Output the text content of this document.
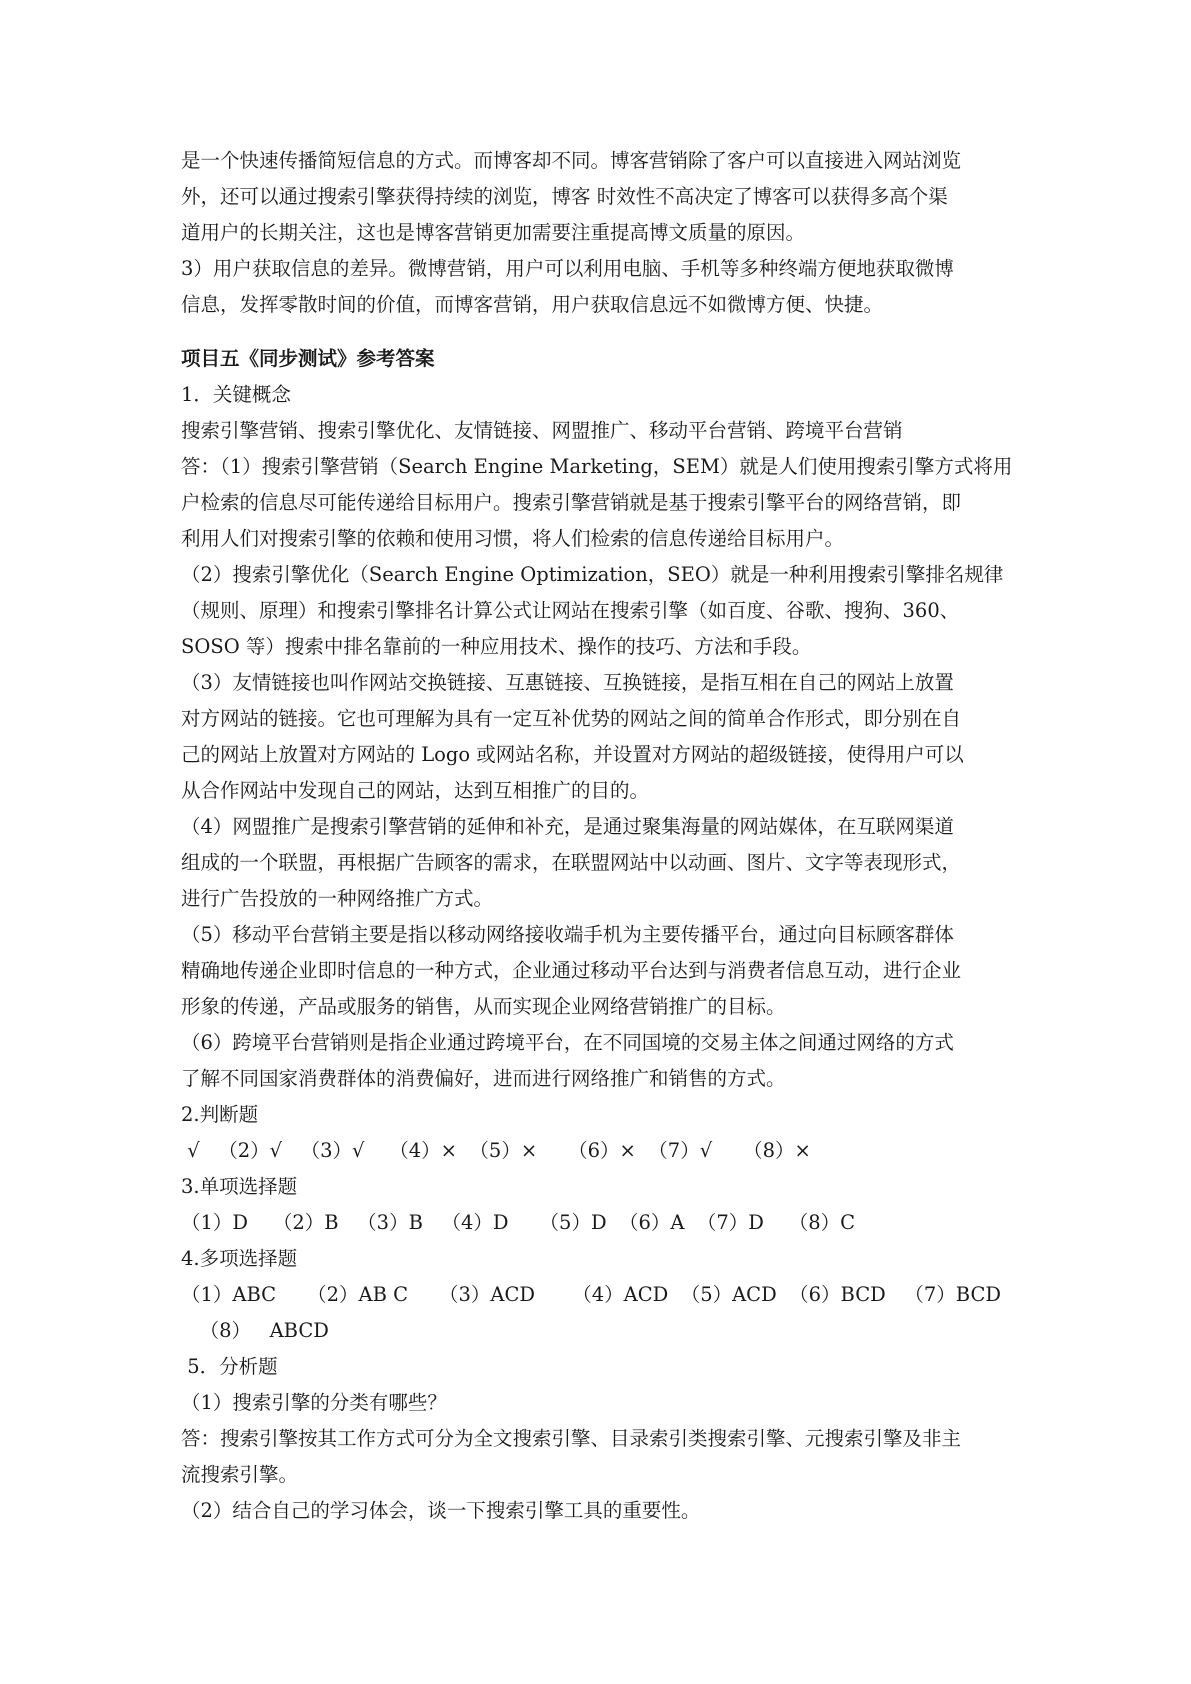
是一个快速传播简短信息的方式。而博客却不同。博客营销除了客户可以直接进入网站浏览
外，还可以通过搜索引擎获得持续的浏览，博客 时效性不高决定了博客可以获得多高个渠
道用户的长期关注，这也是博客营销更加需要注重提高博文质量的原因。
3）用户获取信息的差异。微博营销，用户可以利用电脑、手机等多种终端方便地获取微博
信息，发挥零散时间的价值，而博客营销，用户获取信息远不如微博方便、快捷。
项目五《同步测试》参考答案
1．关键概念
搜索引擎营销、搜索引擎优化、友情链接、网盟推广、移动平台营销、跨境平台营销
答：（1）搜索引擎营销（Search Engine Marketing，SEM）就是人们使用搜索引擎方式将用
户检索的信息尽可能传递给目标用户。搜索引擎营销就是基于搜索引擎平台的网络营销，即
利用人们对搜索引擎的依赖和使用习惯，将人们检索的信息传递给目标用户。
（2）搜索引擎优化（Search Engine Optimization，SEO）就是一种利用搜索引擎排名规律
（规则、原理）和搜索引擎排名计算公式让网站在搜索引擎（如百度、谷歌、搜狗、360、
SOSO 等）搜索中排名靠前的一种应用技术、操作的技巧、方法和手段。
（3）友情链接也叫作网站交换链接、互惠链接、互换链接，是指互相在自己的网站上放置
对方网站的链接。它也可理解为具有一定互补优势的网站之间的简单合作形式，即分别在自
己的网站上放置对方网站的 Logo 或网站名称，并设置对方网站的超级链接，使得用户可以
从合作网站中发现自己的网站，达到互相推广的目的。
（4）网盟推广是搜索引擎营销的延伸和补充，是通过聚集海量的网站媒体，在互联网渠道
组成的一个联盟，再根据广告顾客的需求，在联盟网站中以动画、图片、文字等表现形式，
进行广告投放的一种网络推广方式。
（5）移动平台营销主要是指以移动网络接收端手机为主要传播平台，通过向目标顾客群体
精确地传递企业即时信息的一种方式，企业通过移动平台达到与消费者信息互动，进行企业
形象的传递，产品或服务的销售，从而实现企业网络营销推广的目标。
（6）跨境平台营销则是指企业通过跨境平台，在不同国境的交易主体之间通过网络的方式
了解不同国家消费群体的消费偏好，进而进行网络推广和销售的方式。
2.判断题
√   （2）√   （3）√    （4）×  （5）×     （6）×  （7）√     （8）×
3.单项选择题
（1）D    （2）B   （3）B   （4）D     （5）D  （6）A  （7）D    （8）C
4.多项选择题
（1）ABC     （2）AB C     （3）ACD      （4）ACD  （5）ACD  （6）BCD   （7）BCD
（8）   ABCD
5．分析题
（1）搜索引擎的分类有哪些？
答：搜索引擎按其工作方式可分为全文搜索引擎、目录索引类搜索引擎、元搜索引擎及非主
流搜索引擎。
（2）结合自己的学习体会，谈一下搜索引擎工具的重要性。
